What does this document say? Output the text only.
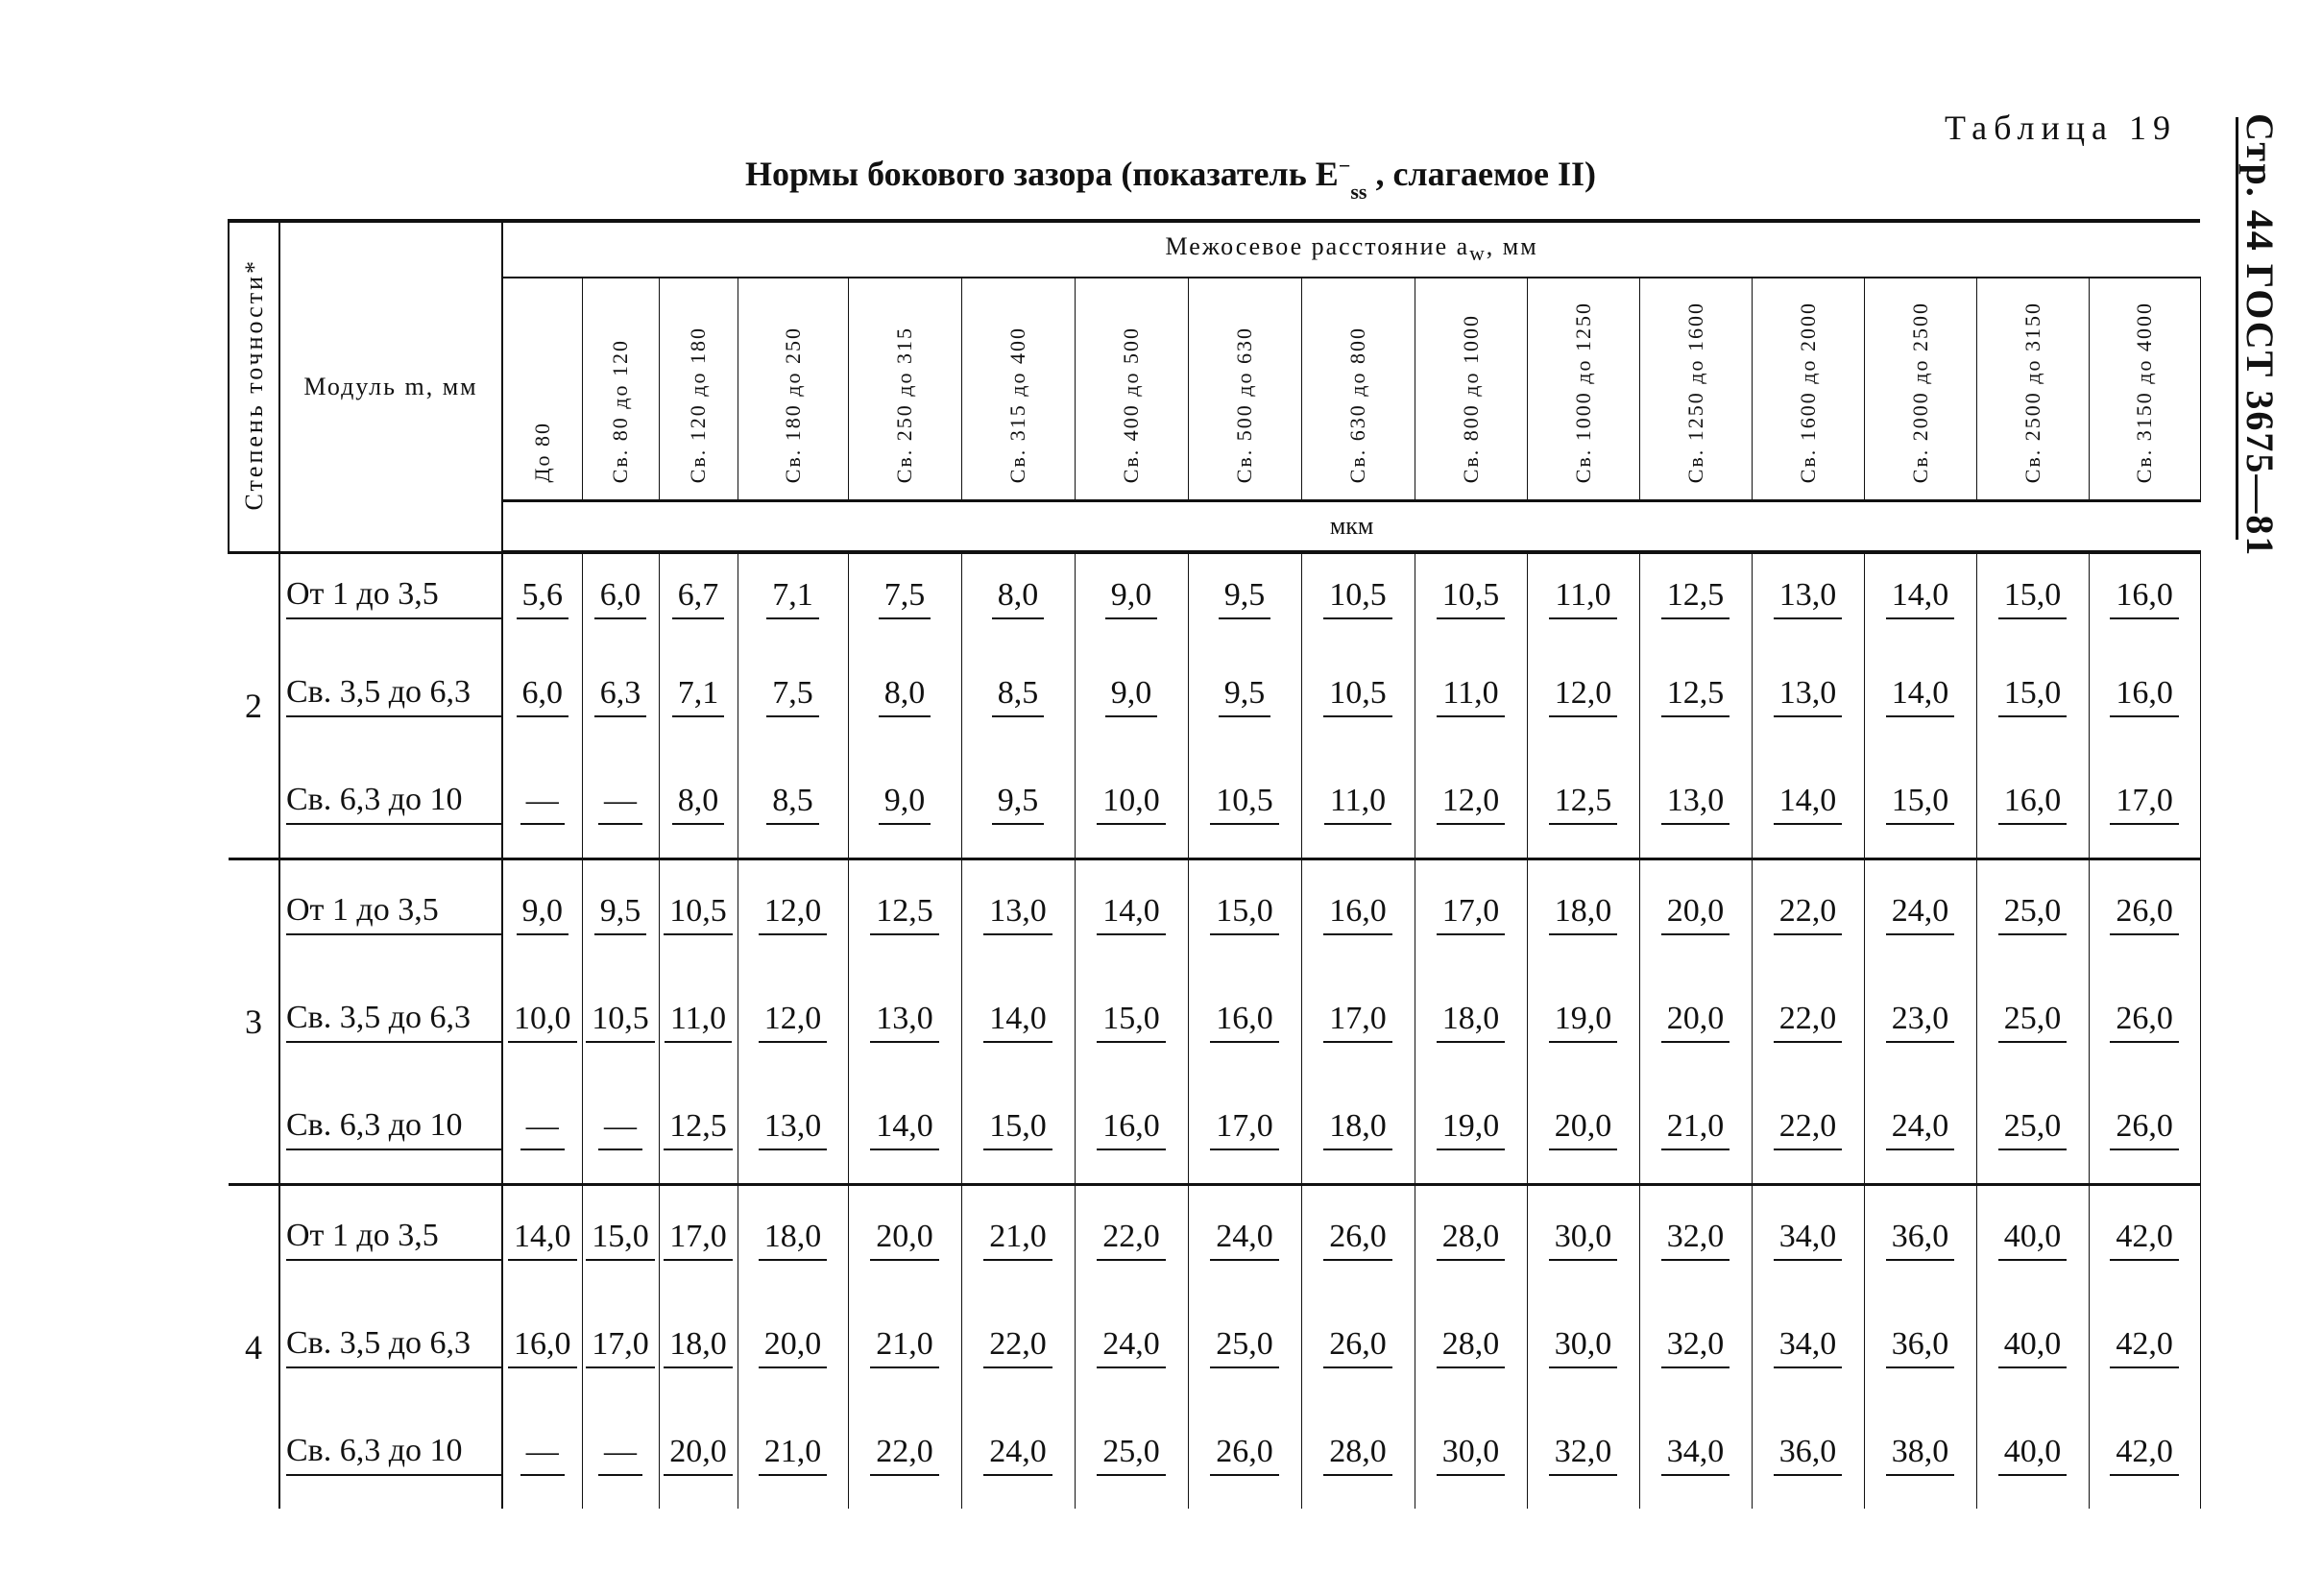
Таблица 19
Нормы бокового зазора (показатель $E^-_{ss}$ , слагаемое II)	Стр. 44 ГОСТ 3675—81
Степень точности*	Модуль m, мм	Межосевое расстояние $a_w$, мм															
		До 80	Св. 80 до 120	Св. 120 до 180	Св. 180 до 250	Св. 250 до 315	Св. 315 до 400	Св. 400 до 500	Св. 500 до 630	Св. 630 до 800	Св. 800 до 1000	Св. 1000 до 1250	Св. 1250 до 1600	Св. 1600 до 2000	Св. 2000 до 2500	Св. 2500 до 3150	Св. 3150 до 4000
		мкм															
2	От 1 до 3,5	5,6	6,0	6,7	7,1	7,5	8,0	9,0	9,5	10,5	10,5	11,0	12,5	13,0	14,0	15,0	16,0

	Св. 3,5 до 6,3	6,0	6,3	7,1	7,5	8,0	8,5	9,0	9,5	10,5	11,0	12,0	12,5	13,0	14,0	15,0	16,0

	Св. 6,3 до 10	—	—	8,0	8,5	9,0	9,5	10,0	10,5	11,0	12,0	12,5	13,0	14,0	15,0	16,0	17,0
3	От 1 до 3,5	9,0	9,5	10,5	12,0	12,5	13,0	14,0	15,0	16,0	17,0	18,0	20,0	22,0	24,0	25,0	26,0

	Св. 3,5 до 6,3	10,0	10,5	11,0	12,0	13,0	14,0	15,0	16,0	17,0	18,0	19,0	20,0	22,0	23,0	25,0	26,0

	Св. 6,3 до 10	—	—	12,5	13,0	14,0	15,0	16,0	17,0	18,0	19,0	20,0	21,0	22,0	24,0	25,0	26,0
4	От 1 до 3,5	14,0	15,0	17,0	18,0	20,0	21,0	22,0	24,0	26,0	28,0	30,0	32,0	34,0	36,0	40,0	42,0

	Св. 3,5 до 6,3	16,0	17,0	18,0	20,0	21,0	22,0	24,0	25,0	26,0	28,0	30,0	32,0	34,0	36,0	40,0	42,0

	Св. 6,3 до 10	—	—	20,0	21,0	22,0	24,0	25,0	26,0	28,0	30,0	32,0	34,0	36,0	38,0	40,0	42,0
